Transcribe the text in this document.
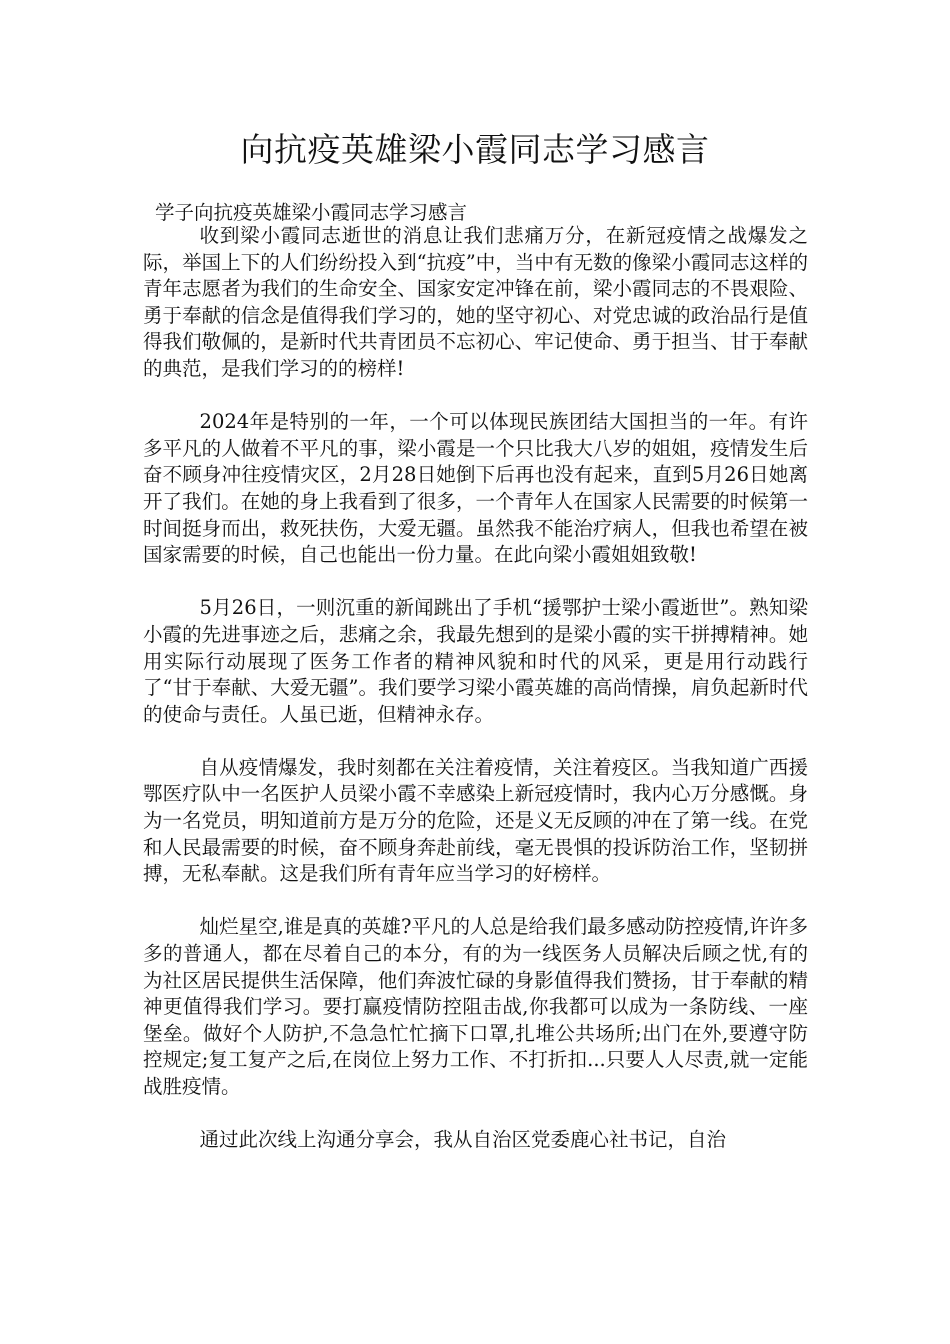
向抗疫英雄梁小霞同志学习感言
学子向抗疫英雄梁小霞同志学习感言

收到梁小霞同志逝世的消息让我们悲痛万分，在新冠疫情之战爆发之际，举国上下的人们纷纷投入到“抗疫”中，当中有无数的像梁小霞同志这样的青年志愿者为我们的生命安全、国家安定冲锋在前，梁小霞同志的不畏艰险、勇于奉献的信念是值得我们学习的，她的坚守初心、对党忠诚的政治品行是值得我们敬佩的，是新时代共青团员不忘初心、牢记使命、勇于担当、甘于奉献的典范，是我们学习的的榜样!

2024年是特别的一年，一个可以体现民族团结大国担当的一年。有许多平凡的人做着不平凡的事，梁小霞是一个只比我大八岁的姐姐，疫情发生后奋不顾身冲往疫情灾区，2月28日她倒下后再也没有起来，直到5月26日她离开了我们。在她的身上我看到了很多，一个青年人在国家人民需要的时候第一时间挺身而出，救死扶伤，大爱无疆。虽然我不能治疗病人，但我也希望在被国家需要的时候，自己也能出一份力量。在此向梁小霞姐姐致敬!

5月26日，一则沉重的新闻跳出了手机“援鄂护士梁小霞逝世”。熟知梁小霞的先进事迹之后，悲痛之余，我最先想到的是梁小霞的实干拼搏精神。她用实际行动展现了医务工作者的精神风貌和时代的风采，更是用行动践行了“甘于奉献、大爱无疆”。我们要学习梁小霞英雄的高尚情操，肩负起新时代的使命与责任。人虽已逝，但精神永存。

自从疫情爆发，我时刻都在关注着疫情，关注着疫区。当我知道广西援鄂医疗队中一名医护人员梁小霞不幸感染上新冠疫情时，我内心万分感慨。身为一名党员，明知道前方是万分的危险，还是义无反顾的冲在了第一线。在党和人民最需要的时候，奋不顾身奔赴前线，毫无畏惧的投诉防治工作，坚韧拼搏，无私奉献。这是我们所有青年应当学习的好榜样。

灿烂星空,谁是真的英雄?平凡的人总是给我们最多感动防控疫情,许许多多的普通人，都在尽着自己的本分，有的为一线医务人员解决后顾之忧,有的为社区居民提供生活保障，他们奔波忙碌的身影值得我们赞扬，甘于奉献的精神更值得我们学习。要打赢疫情防控阻击战,你我都可以成为一条防线、一座堡垒。做好个人防护,不急急忙忙摘下口罩,扎堆公共场所;出门在外,要遵守防控规定;复工复产之后,在岗位上努力工作、不打折扣...只要人人尽责,就一定能战胜疫情。

通过此次线上沟通分享会，我从自治区党委鹿心社书记，自治
